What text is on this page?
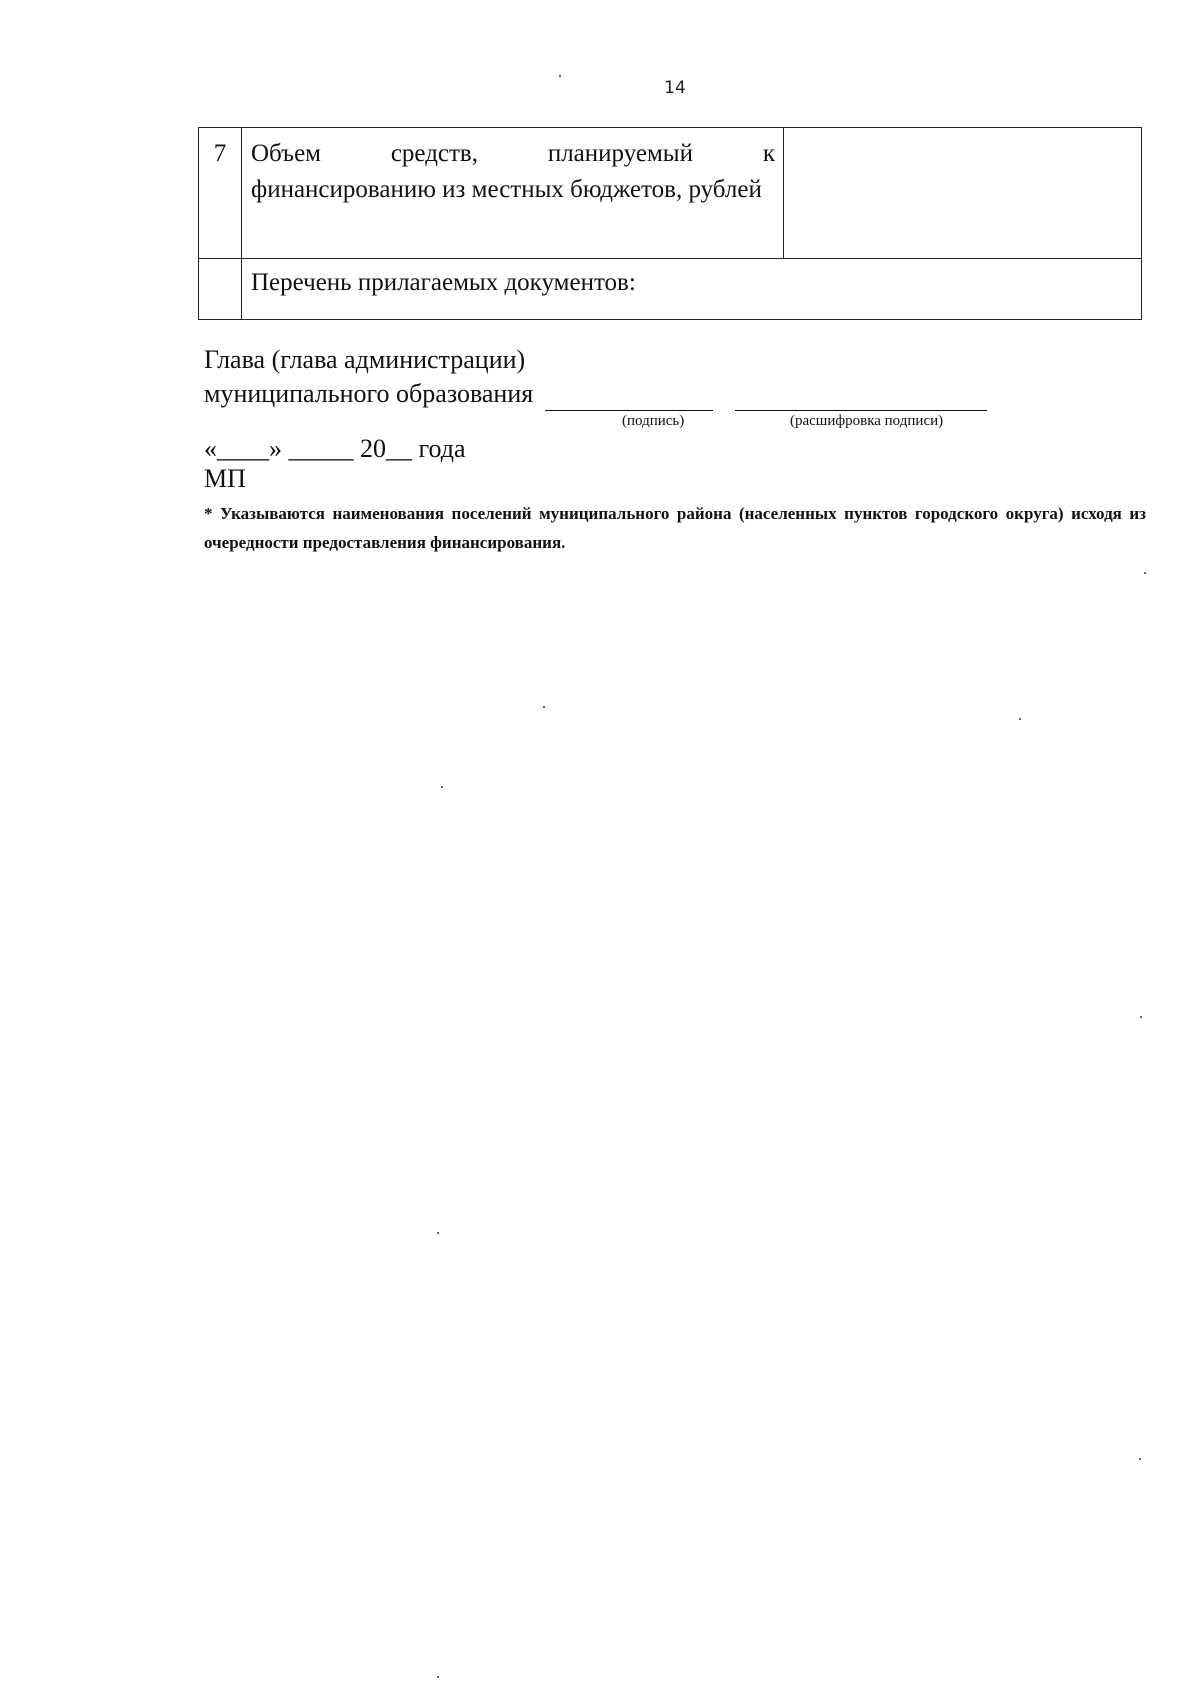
14
7	Объем средств, планируемый к
финансированию из местных бюджетов, рублей	

	Перечень прилагаемых документов:	
Глава (глава администрации)
муниципального образования
(подпись)	(расшифровка подписи)
«____» _____ 20__ года
МП
* Указываются наименования поселений муниципального района (населенных пунктов городского округа) исходя из очередности предоставления финансирования.
